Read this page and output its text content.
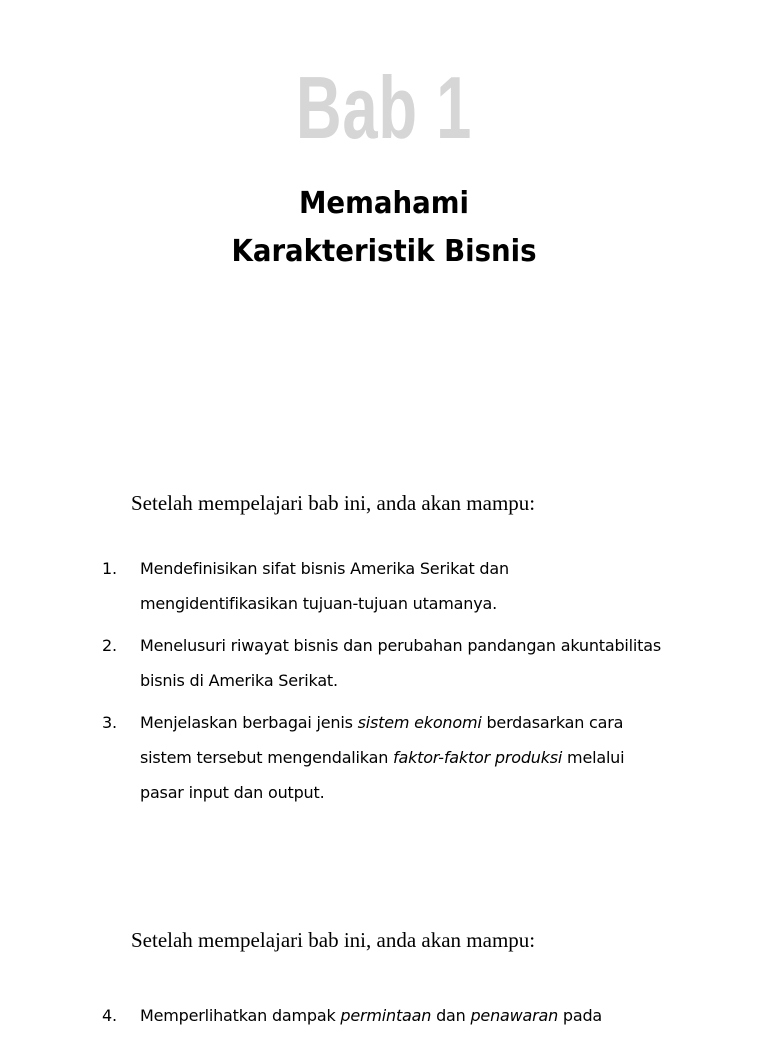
Bab 1
Memahami
Karakteristik Bisnis

Setelah mempelajari bab ini, anda akan mampu:

1. Mendefinisikan sifat bisnis Amerika Serikat dan
mengidentifikasikan tujuan-tujuan utamanya.
2. Menelusuri riwayat bisnis dan perubahan pandangan akuntabilitas
bisnis di Amerika Serikat.
3. Menjelaskan berbagai jenis sistem ekonomi berdasarkan cara
sistem tersebut mengendalikan faktor-faktor produksi melalui
pasar input dan output.

Setelah mempelajari bab ini, anda akan mampu:

4. Memperlihatkan dampak permintaan dan penawaran pada
